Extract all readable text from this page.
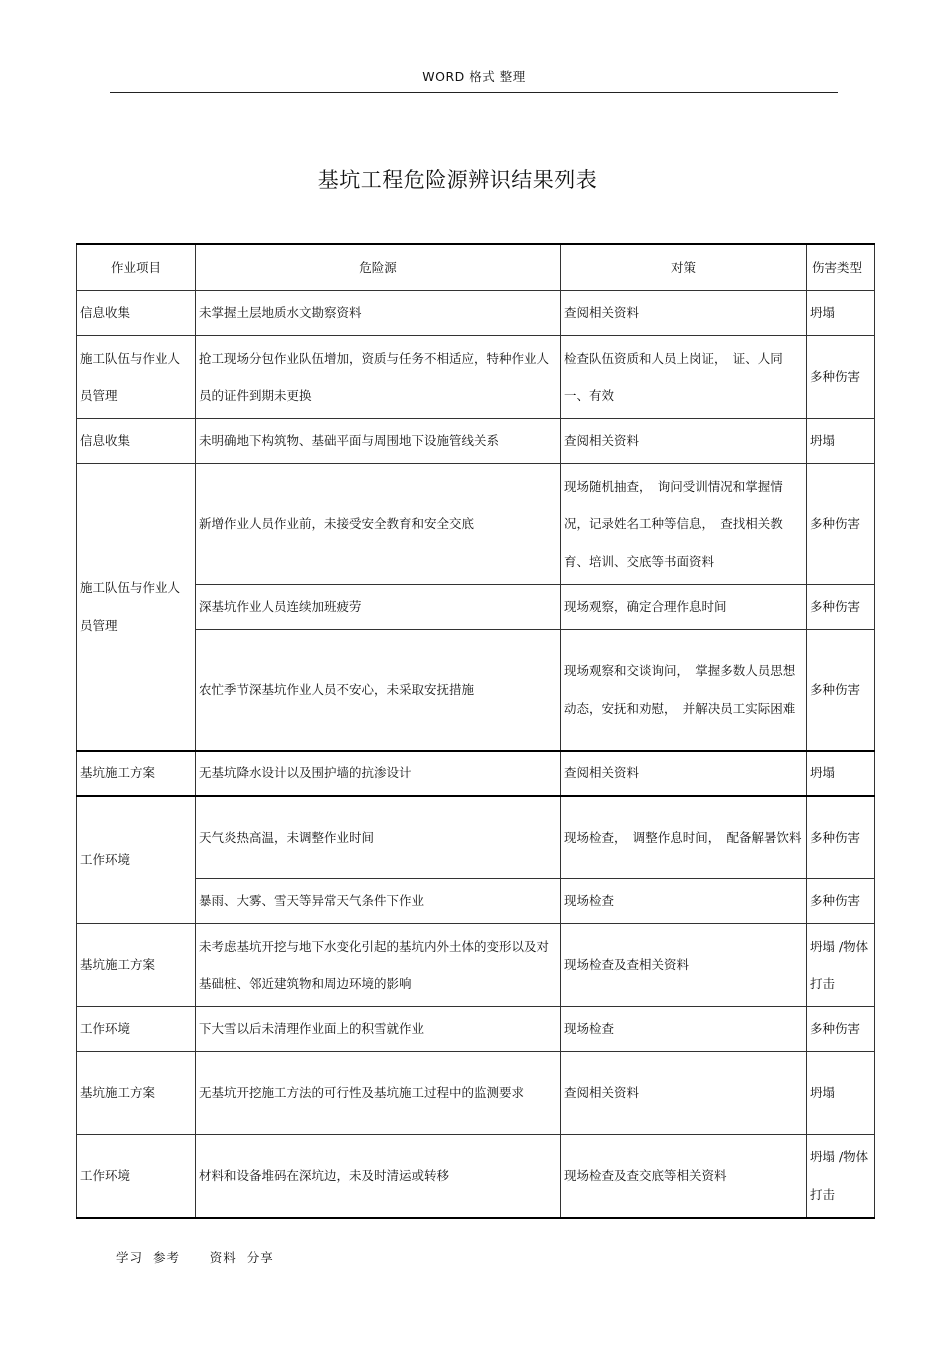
WORD 格式 整理
基坑工程危险源辨识结果列表
作业项目	危险源	对策	伤害类型
信息收集	未掌握土层地质水文勘察资料	查阅相关资料	坍塌
施工队伍与作业人员管理	抢工现场分包作业队伍增加，资质与任务不相适应，特种作业人员的证件到期未更换	检查队伍资质和人员上岗证，　证、人同一、有效	多种伤害
信息收集	未明确地下构筑物、基础平面与周围地下设施管线关系	查阅相关资料	坍塌
施工队伍与作业人员管理	新增作业人员作业前，未接受安全教育和安全交底	现场随机抽查，　询问受训情况和掌握情况，记录姓名工种等信息，　查找相关教育、培训、交底等书面资料	多种伤害
	深基坑作业人员连续加班疲劳	现场观察，确定合理作息时间	多种伤害
	农忙季节深基坑作业人员不安心，未采取安抚措施	现场观察和交谈询问，　掌握多数人员思想动态，安抚和劝慰，　并解决员工实际困难	多种伤害
基坑施工方案	无基坑降水设计以及围护墙的抗渗设计	查阅相关资料	坍塌
工作环境	天气炎热高温，未调整作业时间	现场检查，　调整作息时间，　配备解暑饮料	多种伤害
	暴雨、大雾、雪天等异常天气条件下作业	现场检查	多种伤害
基坑施工方案	未考虑基坑开挖与地下水变化引起的基坑内外土体的变形以及对基础桩、邻近建筑物和周边环境的影响	现场检查及查相关资料	坍塌 /物体打击
工作环境	下大雪以后未清理作业面上的积雪就作业	现场检查	多种伤害
基坑施工方案	无基坑开挖施工方法的可行性及基坑施工过程中的监测要求	查阅相关资料	坍塌
工作环境	材料和设备堆码在深坑边，未及时清运或转移	现场检查及查交底等相关资料	坍塌 /物体打击
学习  参考      资料  分享
